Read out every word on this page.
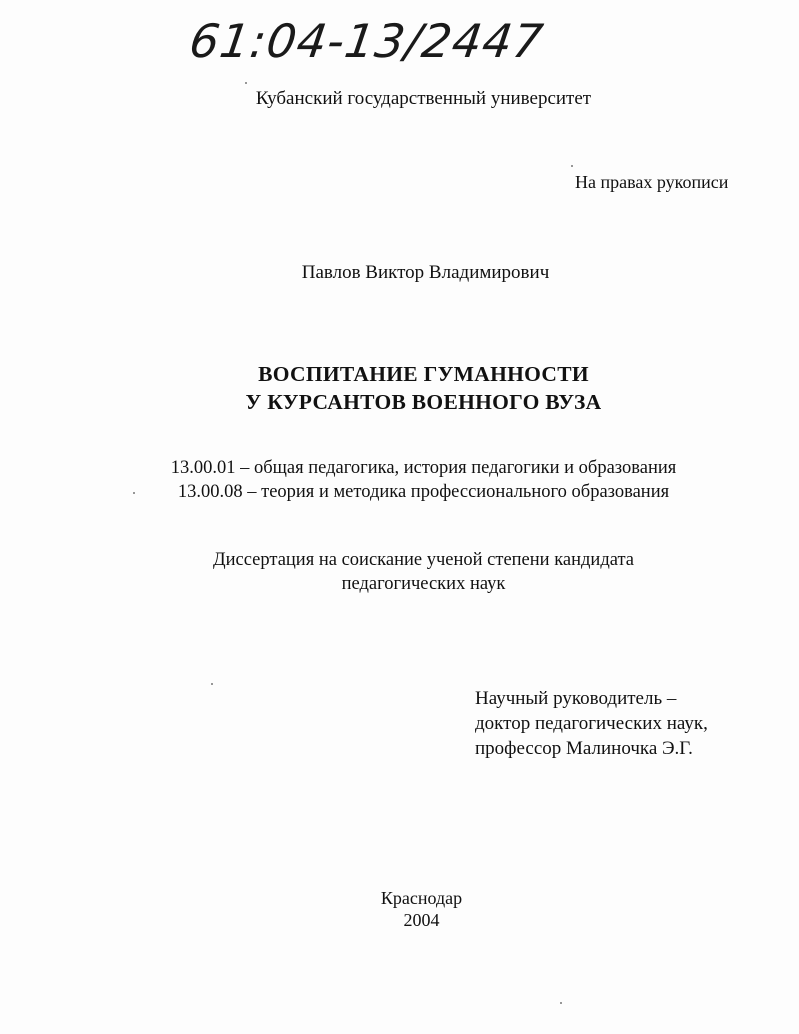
61:04-13/2447
Кубанский государственный университет
На правах рукописи
Павлов Виктор Владимирович
ВОСПИТАНИЕ ГУМАННОСТИ
У КУРСАНТОВ ВОЕННОГО ВУЗА
13.00.01 – общая педагогика, история педагогики и образования
13.00.08 – теория и методика профессионального образования
Диссертация на соискание ученой степени кандидата
педагогических наук
Научный руководитель –
доктор педагогических наук,
профессор Малиночка Э.Г.
Краснодар
2004
